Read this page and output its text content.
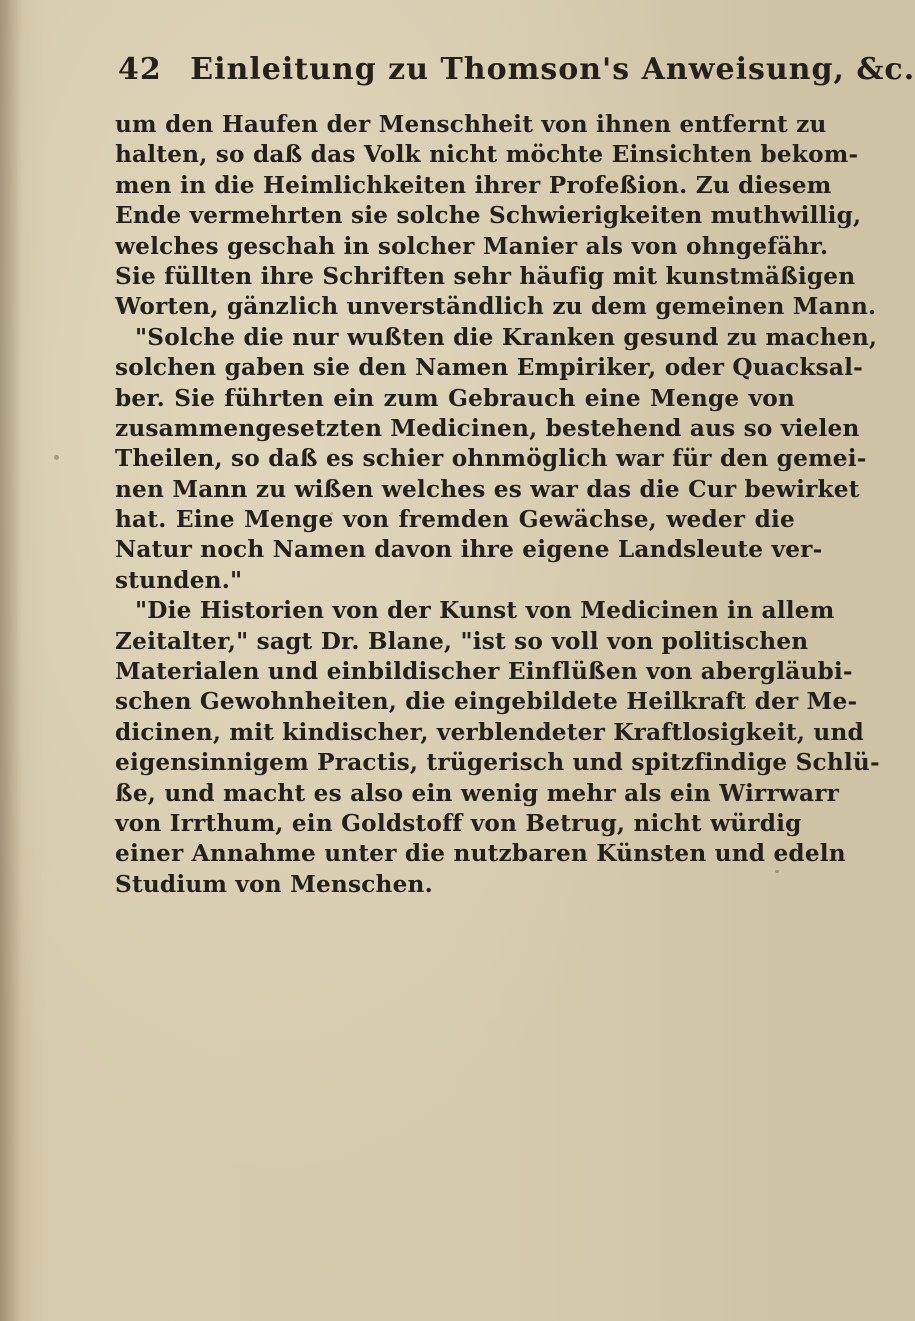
42 Einleitung zu Thomson's Anweisung, &c.
um den Haufen der Menschheit von ihnen entfernt zu
halten, so daß das Volk nicht möchte Einsichten bekom-
men in die Heimlichkeiten ihrer Profeßion. Zu diesem
Ende vermehrten sie solche Schwierigkeiten muthwillig,
welches geschah in solcher Manier als von ohngefähr.
Sie füllten ihre Schriften sehr häufig mit kunstmäßigen
Worten, gänzlich unverständlich zu dem gemeinen Mann.
"Solche die nur wußten die Kranken gesund zu machen,
solchen gaben sie den Namen Empiriker, oder Quacksal-
ber. Sie führten ein zum Gebrauch eine Menge von
zusammengesetzten Medicinen, bestehend aus so vielen
Theilen, so daß es schier ohnmöglich war für den gemei-
nen Mann zu wißen welches es war das die Cur bewirket
hat. Eine Menge von fremden Gewächse, weder die
Natur noch Namen davon ihre eigene Landsleute ver-
stunden."
"Die Historien von der Kunst von Medicinen in allem
Zeitalter," sagt Dr. Blane, "ist so voll von politischen
Materialen und einbildischer Einflüßen von abergläubi-
schen Gewohnheiten, die eingebildete Heilkraft der Me-
dicinen, mit kindischer, verblendeter Kraftlosigkeit, und
eigensinnigem Practis, trügerisch und spitzfindige Schlü-
ße, und macht es also ein wenig mehr als ein Wirrwarr
von Irrthum, ein Goldstoff von Betrug, nicht würdig
einer Annahme unter die nutzbaren Künsten und edeln
Studium von Menschen.
